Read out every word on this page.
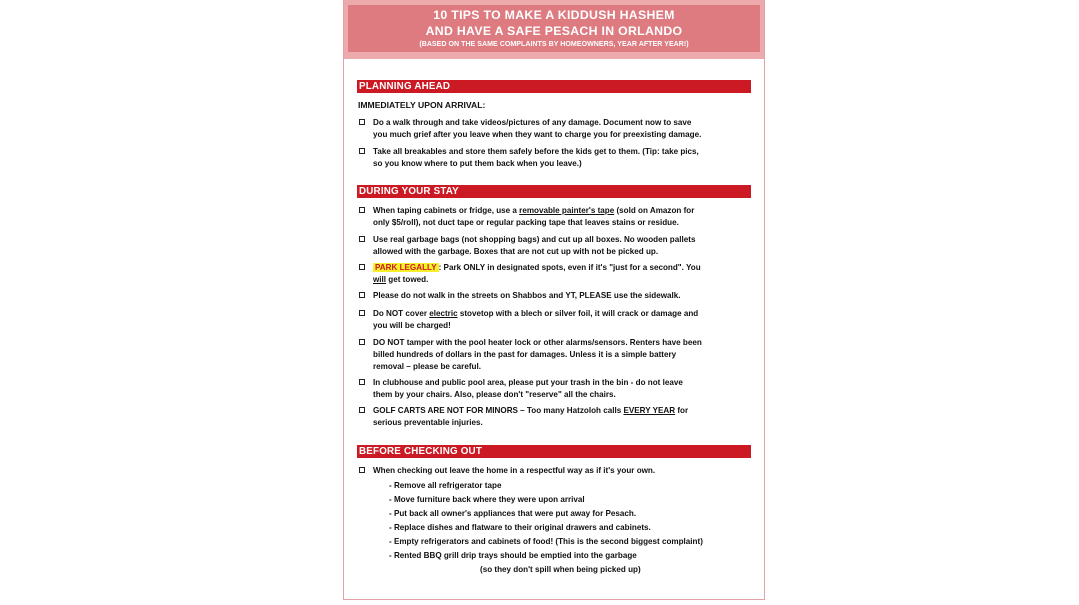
10 TIPS TO MAKE A KIDDUSH HASHEM
AND HAVE A SAFE PESACH IN ORLANDO
(BASED ON THE SAME COMPLAINTS BY HOMEOWNERS, YEAR AFTER YEAR!)
PLANNING AHEAD
IMMEDIATELY UPON ARRIVAL:
Do a walk through and take videos/pictures of any damage. Document now to save
you much grief after you leave when they want to charge you for preexisting damage.
Take all breakables and store them safely before the kids get to them. (Tip: take pics,
so you know where to put them back when you leave.)
DURING YOUR STAY
When taping cabinets or fridge, use a removable painter's tape (sold on Amazon for
only $5/roll), not duct tape or regular packing tape that leaves stains or residue.
Use real garbage bags (not shopping bags) and cut up all boxes. No wooden pallets
allowed with the garbage. Boxes that are not cut up with not be picked up.
PARK LEGALLY : Park ONLY in designated spots, even if it's "just for a second". You
will get towed.
Please do not walk in the streets on Shabbos and YT, PLEASE use the sidewalk.
Do NOT cover electric stovetop with a blech or silver foil, it will crack or damage and
you will be charged!
DO NOT tamper with the pool heater lock or other alarms/sensors. Renters have been
billed hundreds of dollars in the past for damages. Unless it is a simple battery
removal – please be careful.
In clubhouse and public pool area, please put your trash in the bin - do not leave
them by your chairs. Also, please don't "reserve" all the chairs.
GOLF CARTS ARE NOT FOR MINORS – Too many Hatzoloh calls EVERY YEAR for
serious preventable injuries.
BEFORE CHECKING OUT
When checking out leave the home in a respectful way as if it's your own.
- Remove all refrigerator tape
- Move furniture back where they were upon arrival
- Put back all owner's appliances that were put away for Pesach.
- Replace dishes and flatware to their original drawers and cabinets.
- Empty refrigerators and cabinets of food! (This is the second biggest complaint)
- Rented BBQ grill drip trays should be emptied into the garbage
(so they don't spill when being picked up)
